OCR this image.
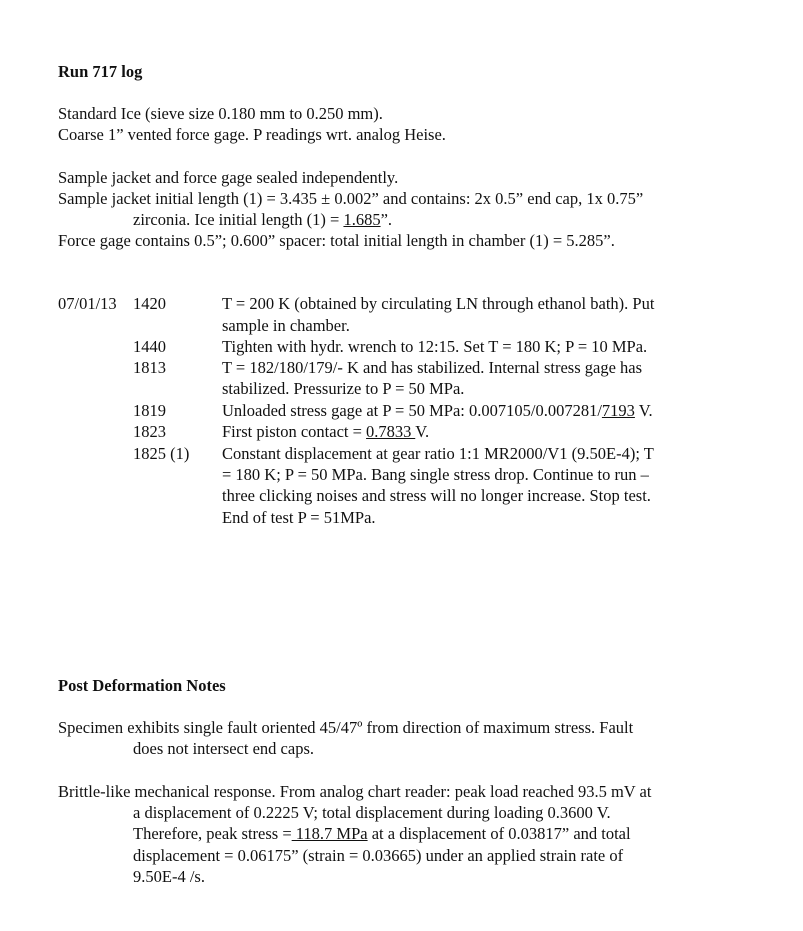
Run 717 log
Standard Ice (sieve size 0.180 mm to 0.250 mm).
Coarse 1” vented force gage. P readings wrt. analog Heise.
Sample jacket and force gage sealed independently.
Sample jacket initial length (1) = 3.435 ± 0.002” and contains: 2x 0.5” end cap, 1x 0.75”
zirconia. Ice initial length (1) = 1.685”.
Force gage contains 0.5”; 0.600” spacer: total initial length in chamber (1) = 5.285”.
07/01/13 1420	T = 200 K (obtained by circulating LN through ethanol bath). Put
sample in chamber.
1440	Tighten with hydr. wrench to 12:15. Set T = 180 K; P = 10 MPa.
1813	T = 182/180/179/- K and has stabilized. Internal stress gage has
stabilized. Pressurize to P = 50 MPa.
1819	Unloaded stress gage at P = 50 MPa: 0.007105/0.007281/7193 V.
1823	First piston contact = 0.7833 V.
1825 (1) Constant displacement at gear ratio 1:1 MR2000/V1 (9.50E-4); T
= 180 K; P = 50 MPa. Bang single stress drop. Continue to run –
three clicking noises and stress will no longer increase. Stop test.
End of test P = 51MPa.
Post Deformation Notes
Specimen exhibits single fault oriented 45/47º from direction of maximum stress. Fault
does not intersect end caps.
Brittle-like mechanical response. From analog chart reader: peak load reached 93.5 mV at
a displacement of 0.2225 V; total displacement during loading 0.3600 V.
Therefore, peak stress = 118.7 MPa at a displacement of 0.03817” and total
displacement = 0.06175” (strain = 0.03665) under an applied strain rate of
9.50E-4 /s.
